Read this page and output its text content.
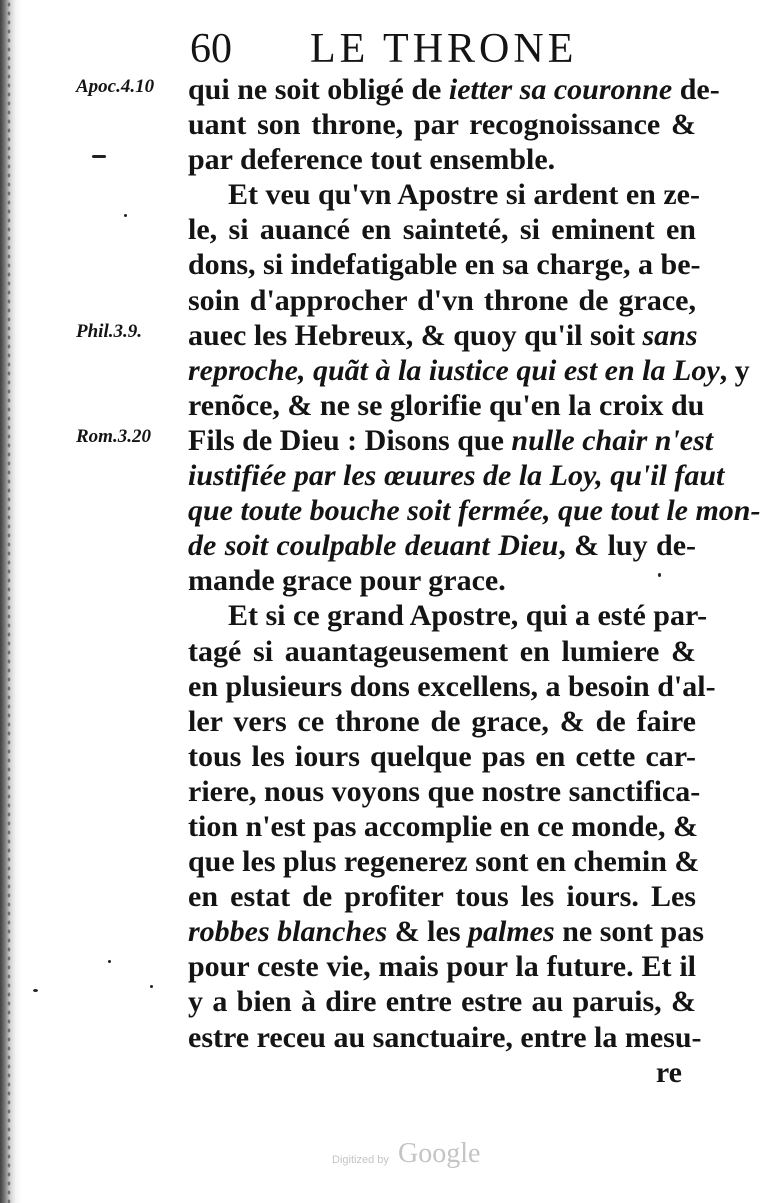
60 LE THRONE
Apoc.4.10
Phil.3.9.
Rom.3.20
qui ne soit obligé de ietter sa couronne de-
uant son throne, par recognoissance &
par deference tout ensemble.
Et veu qu'vn Apostre si ardent en ze-
le, si auancé en sainteté, si eminent en
dons, si indefatigable en sa charge, a be-
soin d'approcher d'vn throne de grace,
auec les Hebreux, & quoy qu'il soit sans
reproche, quãt à la iustice qui est en la Loy, y
renõce, & ne se glorifie qu'en la croix du
Fils de Dieu : Disons que nulle chair n'est
iustifiée par les œuures de la Loy, qu'il faut
que toute bouche soit fermée, que tout le mon-
de soit coulpable deuant Dieu, & luy de-
mande grace pour grace.
Et si ce grand Apostre, qui a esté par-
tagé si auantageusement en lumiere &
en plusieurs dons excellens, a besoin d'al-
ler vers ce throne de grace, & de faire
tous les iours quelque pas en cette car-
riere, nous voyons que nostre sanctifica-
tion n'est pas accomplie en ce monde, &
que les plus regenerez sont en chemin &
en estat de profiter tous les iours. Les
robbes blanches & les palmes ne sont pas
pour ceste vie, mais pour la future. Et il
y a bien à dire entre estre au paruis, &
estre receu au sanctuaire, entre la mesu-
re
Digitized by Google
